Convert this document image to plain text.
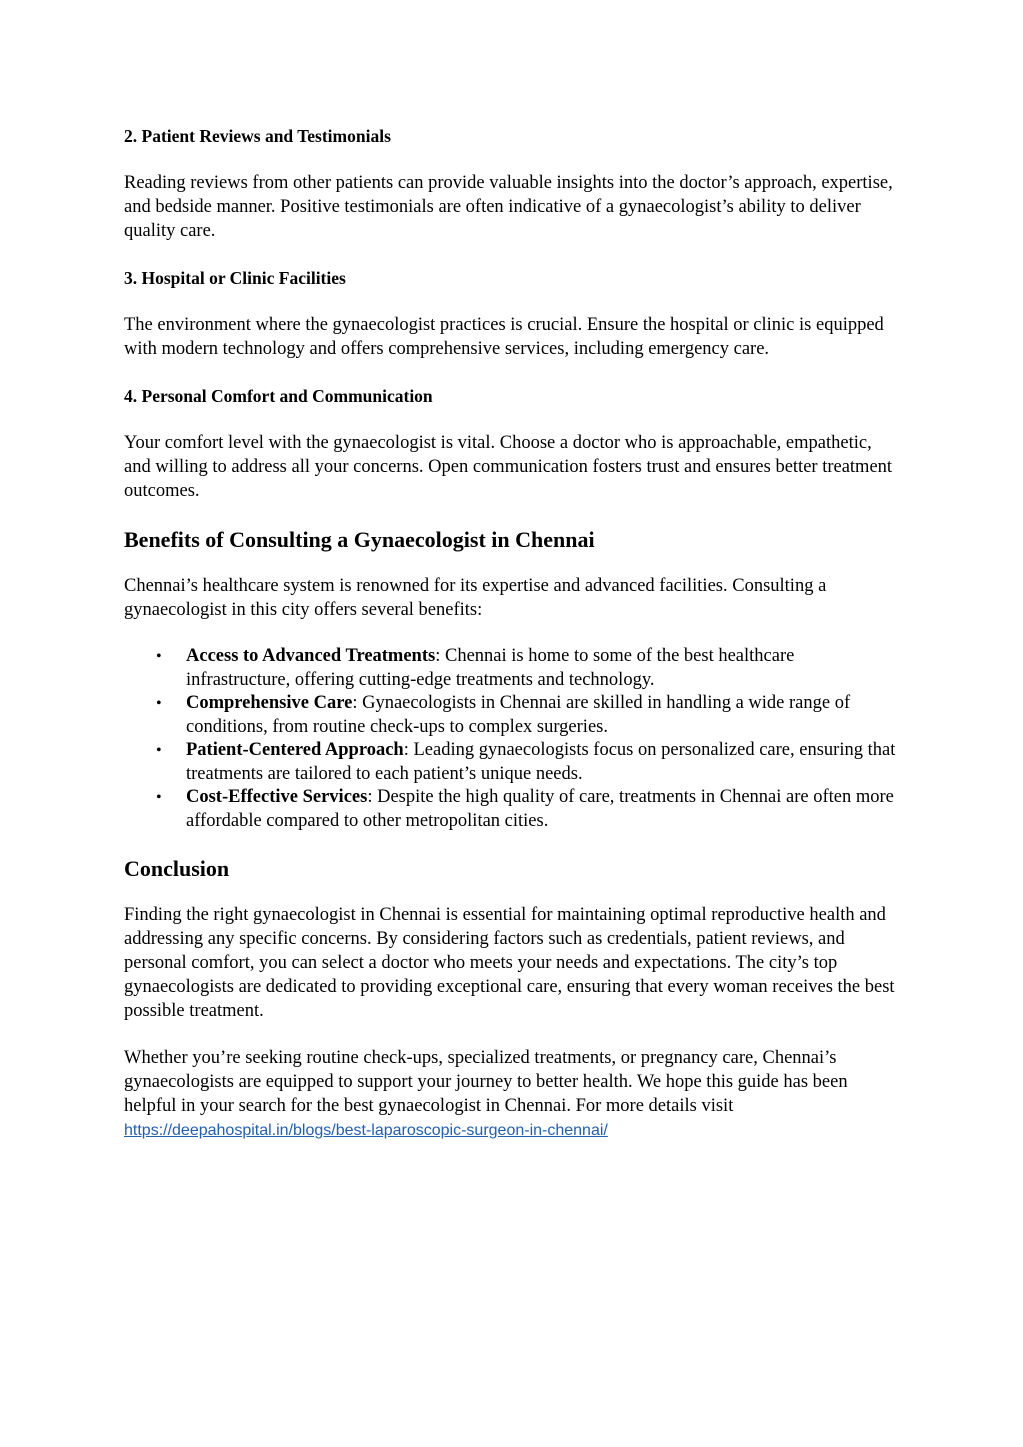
2. Patient Reviews and Testimonials
Reading reviews from other patients can provide valuable insights into the doctor’s approach, expertise, and bedside manner. Positive testimonials are often indicative of a gynaecologist’s ability to deliver quality care.
3. Hospital or Clinic Facilities
The environment where the gynaecologist practices is crucial. Ensure the hospital or clinic is equipped with modern technology and offers comprehensive services, including emergency care.
4. Personal Comfort and Communication
Your comfort level with the gynaecologist is vital. Choose a doctor who is approachable, empathetic, and willing to address all your concerns. Open communication fosters trust and ensures better treatment outcomes.
Benefits of Consulting a Gynaecologist in Chennai
Chennai’s healthcare system is renowned for its expertise and advanced facilities. Consulting a gynaecologist in this city offers several benefits:
• Access to Advanced Treatments: Chennai is home to some of the best healthcare infrastructure, offering cutting-edge treatments and technology.
• Comprehensive Care: Gynaecologists in Chennai are skilled in handling a wide range of conditions, from routine check-ups to complex surgeries.
• Patient-Centered Approach: Leading gynaecologists focus on personalized care, ensuring that treatments are tailored to each patient’s unique needs.
• Cost-Effective Services: Despite the high quality of care, treatments in Chennai are often more affordable compared to other metropolitan cities.
Conclusion
Finding the right gynaecologist in Chennai is essential for maintaining optimal reproductive health and addressing any specific concerns. By considering factors such as credentials, patient reviews, and personal comfort, you can select a doctor who meets your needs and expectations. The city’s top gynaecologists are dedicated to providing exceptional care, ensuring that every woman receives the best possible treatment.
Whether you’re seeking routine check-ups, specialized treatments, or pregnancy care, Chennai’s gynaecologists are equipped to support your journey to better health. We hope this guide has been helpful in your search for the best gynaecologist in Chennai. For more details visit https://deepahospital.in/blogs/best-laparoscopic-surgeon-in-chennai/
